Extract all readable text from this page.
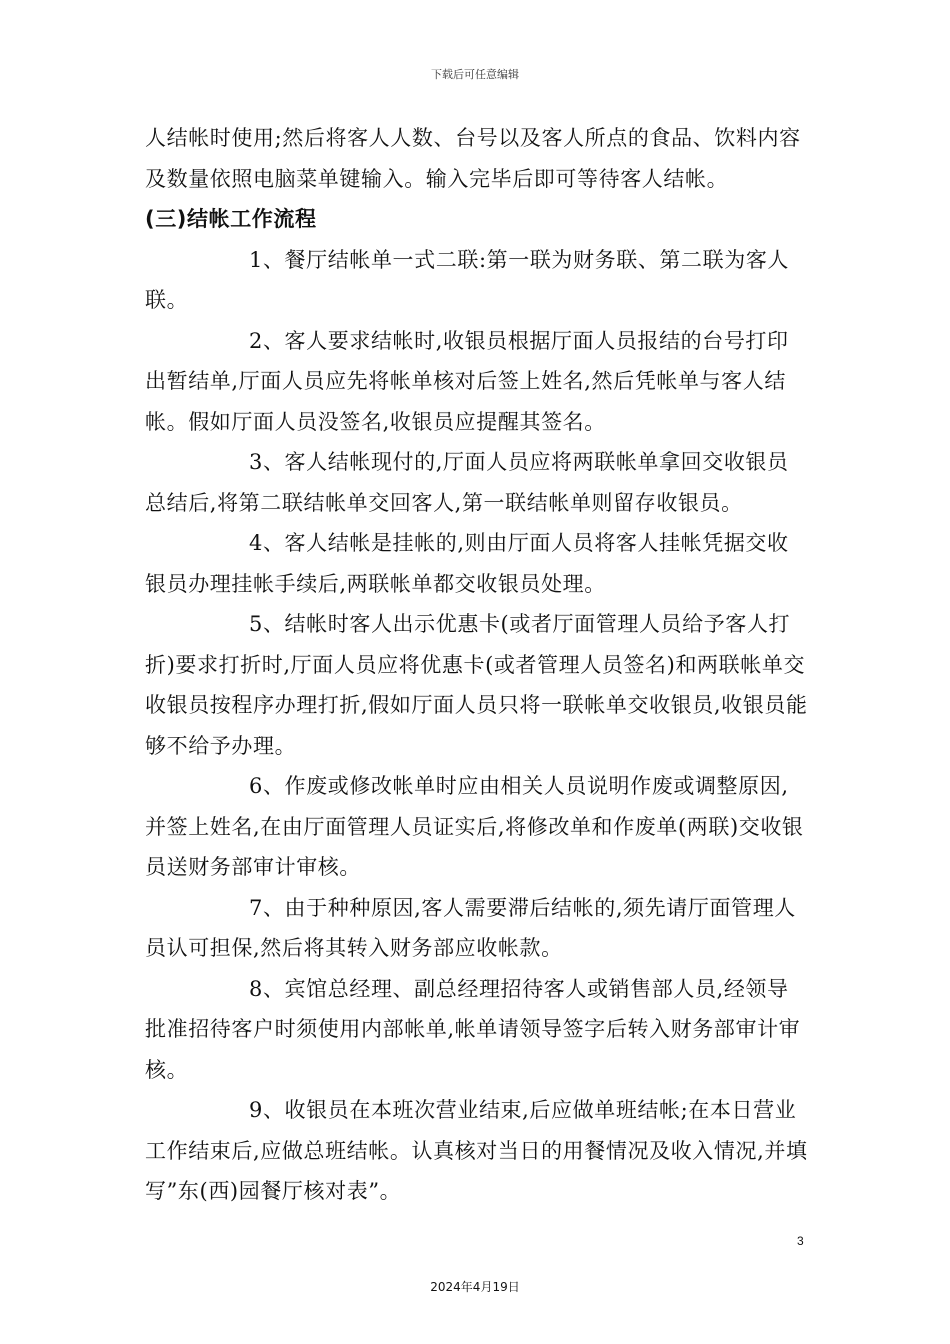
下载后可任意编辑

人结帐时使用;然后将客人人数、台号以及客人所点的食品、饮料内容及数量依照电脑菜单键输入。输入完毕后即可等待客人结帐。

(三)结帐工作流程

1、餐厅结帐单一式二联:第一联为财务联、第二联为客人联。

2、客人要求结帐时,收银员根据厅面人员报结的台号打印出暂结单,厅面人员应先将帐单核对后签上姓名,然后凭帐单与客人结帐。假如厅面人员没签名,收银员应提醒其签名。

3、客人结帐现付的,厅面人员应将两联帐单拿回交收银员总结后,将第二联结帐单交回客人,第一联结帐单则留存收银员。

4、客人结帐是挂帐的,则由厅面人员将客人挂帐凭据交收银员办理挂帐手续后,两联帐单都交收银员处理。

5、结帐时客人出示优惠卡(或者厅面管理人员给予客人打折)要求打折时,厅面人员应将优惠卡(或者管理人员签名)和两联帐单交收银员按程序办理打折,假如厅面人员只将一联帐单交收银员,收银员能够不给予办理。

6、作废或修改帐单时应由相关人员说明作废或调整原因,并签上姓名,在由厅面管理人员证实后,将修改单和作废单(两联)交收银员送财务部审计审核。

7、由于种种原因,客人需要滞后结帐的,须先请厅面管理人员认可担保,然后将其转入财务部应收帐款。

8、宾馆总经理、副总经理招待客人或销售部人员,经领导批准招待客户时须使用内部帐单,帐单请领导签字后转入财务部审计审核。

9、收银员在本班次营业结束,后应做单班结帐;在本日营业工作结束后,应做总班结帐。认真核对当日的用餐情况及收入情况,并填写”东(西)园餐厅核对表”。

3
2024年4月19日
